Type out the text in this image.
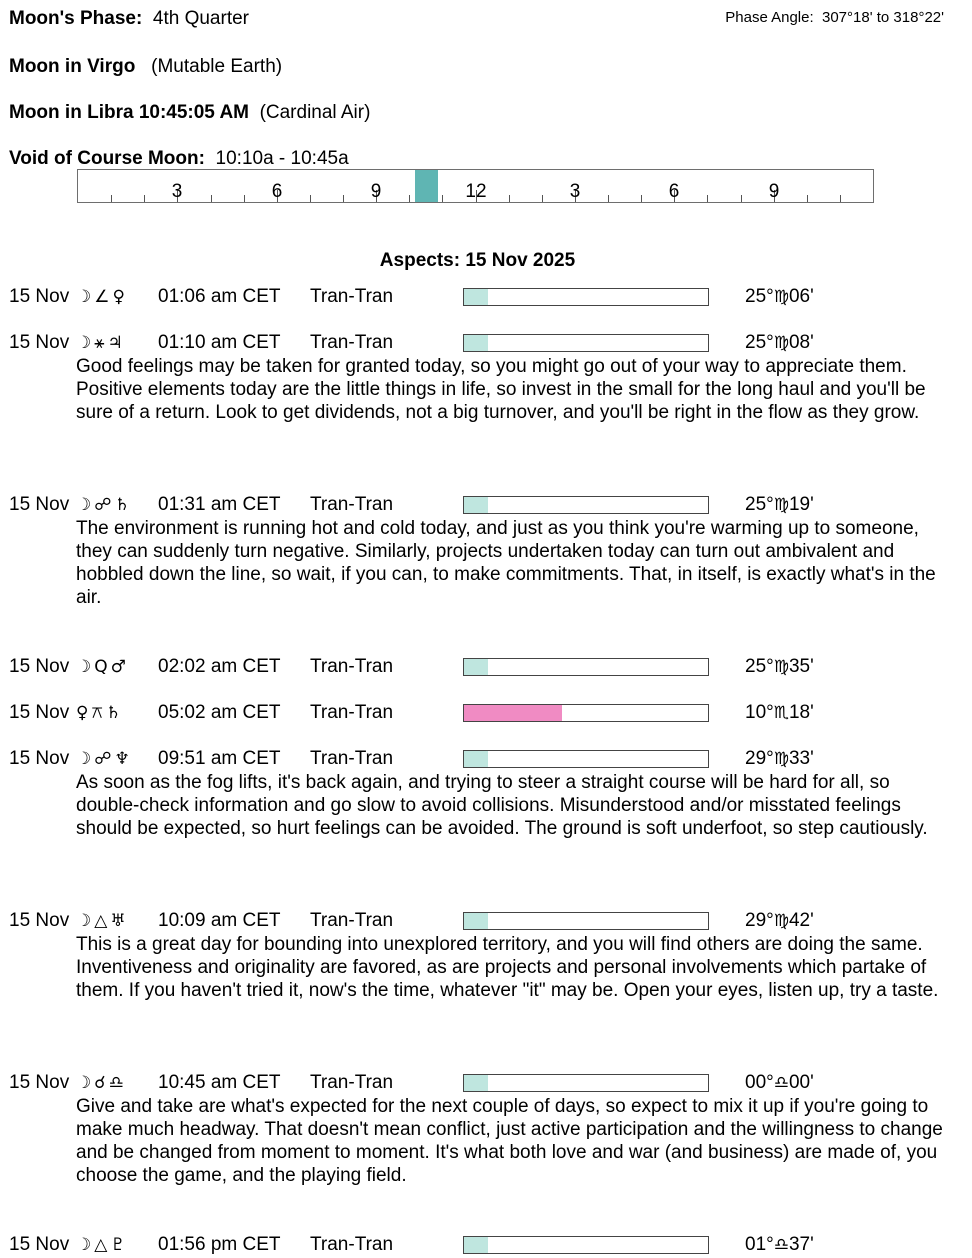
Moon's Phase: 4th Quarter	Phase Angle: 307°18' to 318°22'
Moon in Virgo (Mutable Earth)
Moon in Libra 10:45:05 AM (Cardinal Air)
Void of Course Moon: 10:10a - 10:45a
3	6	9	12	3	6	9
Aspects: 15 Nov 2025
15 Nov ☽∠♀ 01:06 am CET Tran-Tran	25°♍06'
15 Nov ☽⚹♃ 01:10 am CET Tran-Tran	25°♍08'
Good feelings may be taken for granted today, so you might go out of your way to appreciate them. Positive elements today are the little things in life, so invest in the small for the long haul and you'll be sure of a return. Look to get dividends, not a big turnover, and you'll be right in the flow as they grow.
15 Nov ☽☍♄ 01:31 am CET Tran-Tran	25°♍19'
The environment is running hot and cold today, and just as you think you're warming up to someone, they can suddenly turn negative. Similarly, projects undertaken today can turn out ambivalent and hobbled down the line, so wait, if you can, to make commitments. That, in itself, is exactly what's in the air.
15 Nov ☽Q♂ 02:02 am CET Tran-Tran	25°♍35'
15 Nov ♀⚻♄ 05:02 am CET Tran-Tran	10°♏18'
15 Nov ☽☍♆ 09:51 am CET Tran-Tran	29°♍33'
As soon as the fog lifts, it's back again, and trying to steer a straight course will be hard for all, so double-check information and go slow to avoid collisions. Misunderstood and/or misstated feelings should be expected, so hurt feelings can be avoided. The ground is soft underfoot, so step cautiously.
15 Nov ☽△♅ 10:09 am CET Tran-Tran	29°♍42'
This is a great day for bounding into unexplored territory, and you will find others are doing the same. Inventiveness and originality are favored, as are projects and personal involvements which partake of them. If you haven't tried it, now's the time, whatever "it" may be. Open your eyes, listen up, try a taste.
15 Nov ☽☌♎ 10:45 am CET Tran-Tran	00°♎00'
Give and take are what's expected for the next couple of days, so expect to mix it up if you're going to make much headway. That doesn't mean conflict, just active participation and the willingness to change and be changed from moment to moment. It's what both love and war (and business) are made of, you choose the game, and the playing field.
15 Nov ☽△♇ 01:56 pm CET Tran-Tran	01°♎37'
